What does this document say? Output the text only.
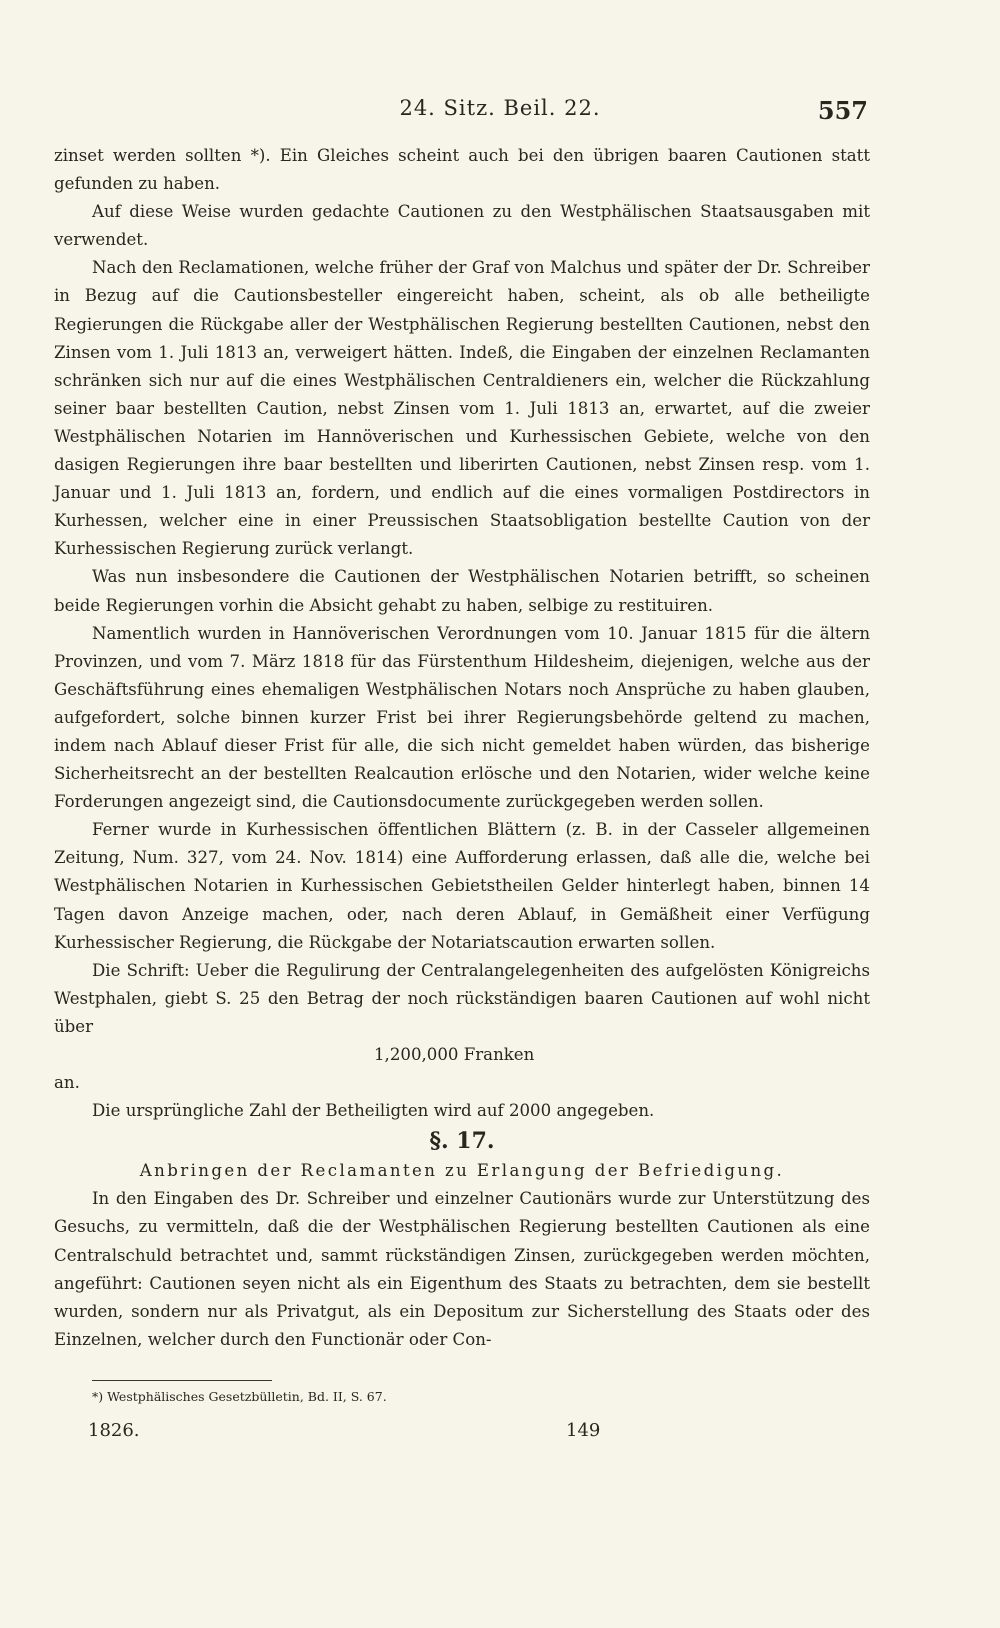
24. Sitz. Beil. 22.	557

zinset werden sollten *). Ein Gleiches scheint auch bei den übrigen baaren Cautionen statt gefunden zu haben.

Auf diese Weise wurden gedachte Cautionen zu den Westphälischen Staatsausgaben mit verwendet.

Nach den Reclamationen, welche früher der Graf von Malchus und später der Dr. Schreiber in Bezug auf die Cautionsbesteller eingereicht haben, scheint, als ob alle betheiligte Regierungen die Rückgabe aller der Westphälischen Regierung bestellten Cautionen, nebst den Zinsen vom 1. Juli 1813 an, verweigert hätten. Indeß, die Eingaben der einzelnen Reclamanten schränken sich nur auf die eines Westphälischen Centraldieners ein, welcher die Rückzahlung seiner baar bestellten Caution, nebst Zinsen vom 1. Juli 1813 an, erwartet, auf die zweier Westphälischen Notarien im Hannöverischen und Kurhessischen Gebiete, welche von den dasigen Regierungen ihre baar bestellten und liberirten Cautionen, nebst Zinsen resp. vom 1. Januar und 1. Juli 1813 an, fordern, und endlich auf die eines vormaligen Postdirectors in Kurhessen, welcher eine in einer Preussischen Staatsobligation bestellte Caution von der Kurhessischen Regierung zurück verlangt.

Was nun insbesondere die Cautionen der Westphälischen Notarien betrifft, so scheinen beide Regierungen vorhin die Absicht gehabt zu haben, selbige zu restituiren.

Namentlich wurden in Hannöverischen Verordnungen vom 10. Januar 1815 für die ältern Provinzen, und vom 7. März 1818 für das Fürstenthum Hildesheim, diejenigen, welche aus der Geschäftsführung eines ehemaligen Westphälischen Notars noch Ansprüche zu haben glauben, aufgefordert, solche binnen kurzer Frist bei ihrer Regierungsbehörde geltend zu machen, indem nach Ablauf dieser Frist für alle, die sich nicht gemeldet haben würden, das bisherige Sicherheitsrecht an der bestellten Realcaution erlösche und den Notarien, wider welche keine Forderungen angezeigt sind, die Cautionsdocumente zurückgegeben werden sollen.

Ferner wurde in Kurhessischen öffentlichen Blättern (z. B. in der Casseler allgemeinen Zeitung, Num. 327, vom 24. Nov. 1814) eine Aufforderung erlassen, daß alle die, welche bei Westphälischen Notarien in Kurhessischen Gebietstheilen Gelder hinterlegt haben, binnen 14 Tagen davon Anzeige machen, oder, nach deren Ablauf, in Gemäßheit einer Verfügung Kurhessischer Regierung, die Rückgabe der Notariatscaution erwarten sollen.

Die Schrift: Ueber die Regulirung der Centralangelegenheiten des aufgelösten Königreichs Westphalen, giebt S. 25 den Betrag der noch rückständigen baaren Cautionen auf wohl nicht über

1,200,000 Franken

an.

Die ursprüngliche Zahl der Betheiligten wird auf 2000 angegeben.

§. 17.

Anbringen der Reclamanten zu Erlangung der Befriedigung.

In den Eingaben des Dr. Schreiber und einzelner Cautionärs wurde zur Unterstützung des Gesuchs, zu vermitteln, daß die der Westphälischen Regierung bestellten Cautionen als eine Centralschuld betrachtet und, sammt rückständigen Zinsen, zurückgegeben werden möchten, angeführt: Cautionen seyen nicht als ein Eigenthum des Staats zu betrachten, dem sie bestellt wurden, sondern nur als Privatgut, als ein Depositum zur Sicherstellung des Staats oder des Einzelnen, welcher durch den Functionär oder Con-

*) Westphälisches Gesetzbülletin, Bd. II, S. 67.
1826.	149
